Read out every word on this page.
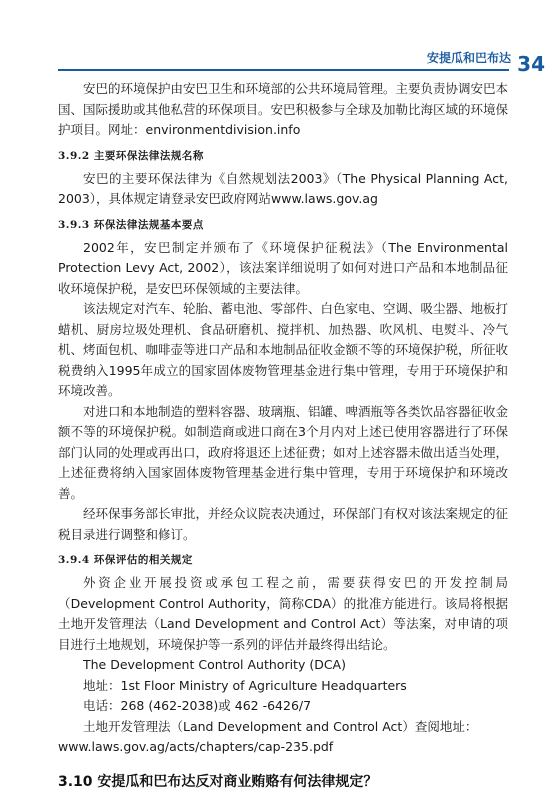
安提瓜和巴布达 34

安巴的环境保护由安巴卫生和环境部的公共环境局管理。主要负责协调安巴本国、国际援助或其他私营的环保项目。安巴积极参与全球及加勒比海区域的环境保护项目。网址：environmentdivision.info

3.9.2 主要环保法律法规名称

安巴的主要环保法律为《自然规划法2003》（The Physical Planning Act, 2003），具体规定请登录安巴政府网站www.laws.gov.ag

3.9.3 环保法律法规基本要点

2002年，安巴制定并颁布了《环境保护征税法》（The Environmental Protection Levy Act, 2002），该法案详细说明了如何对进口产品和本地制品征收环境保护税，是安巴环保领域的主要法律。

该法规定对汽车、轮胎、蓄电池、零部件、白色家电、空调、吸尘器、地板打蜡机、厨房垃圾处理机、食品研磨机、搅拌机、加热器、吹风机、电熨斗、冷气机、烤面包机、咖啡壶等进口产品和本地制品征收金额不等的环境保护税，所征收税费纳入1995年成立的国家固体废物管理基金进行集中管理，专用于环境保护和环境改善。

对进口和本地制造的塑料容器、玻璃瓶、铝罐、啤酒瓶等各类饮品容器征收金额不等的环境保护税。如制造商或进口商在3个月内对上述已使用容器进行了环保部门认同的处理或再出口，政府将退还上述征费；如对上述容器未做出适当处理，上述征费将纳入国家固体废物管理基金进行集中管理，专用于环境保护和环境改善。

经环保事务部长审批，并经众议院表决通过，环保部门有权对该法案规定的征税目录进行调整和修订。

3.9.4 环保评估的相关规定

外资企业开展投资或承包工程之前，需要获得安巴的开发控制局（Development Control Authority，简称CDA）的批准方能进行。该局将根据土地开发管理法（Land Development and Control Act）等法案，对申请的项目进行土地规划，环境保护等一系列的评估并最终得出结论。

The Development Control Authority (DCA)

地址：1st Floor Ministry of Agriculture Headquarters

电话：268 (462-2038)或 462 -6426/7

土地开发管理法（Land Development and Control Act）查阅地址：

www.laws.gov.ag/acts/chapters/cap-235.pdf

3.10 安提瓜和巴布达反对商业贿赂有何法律规定？
